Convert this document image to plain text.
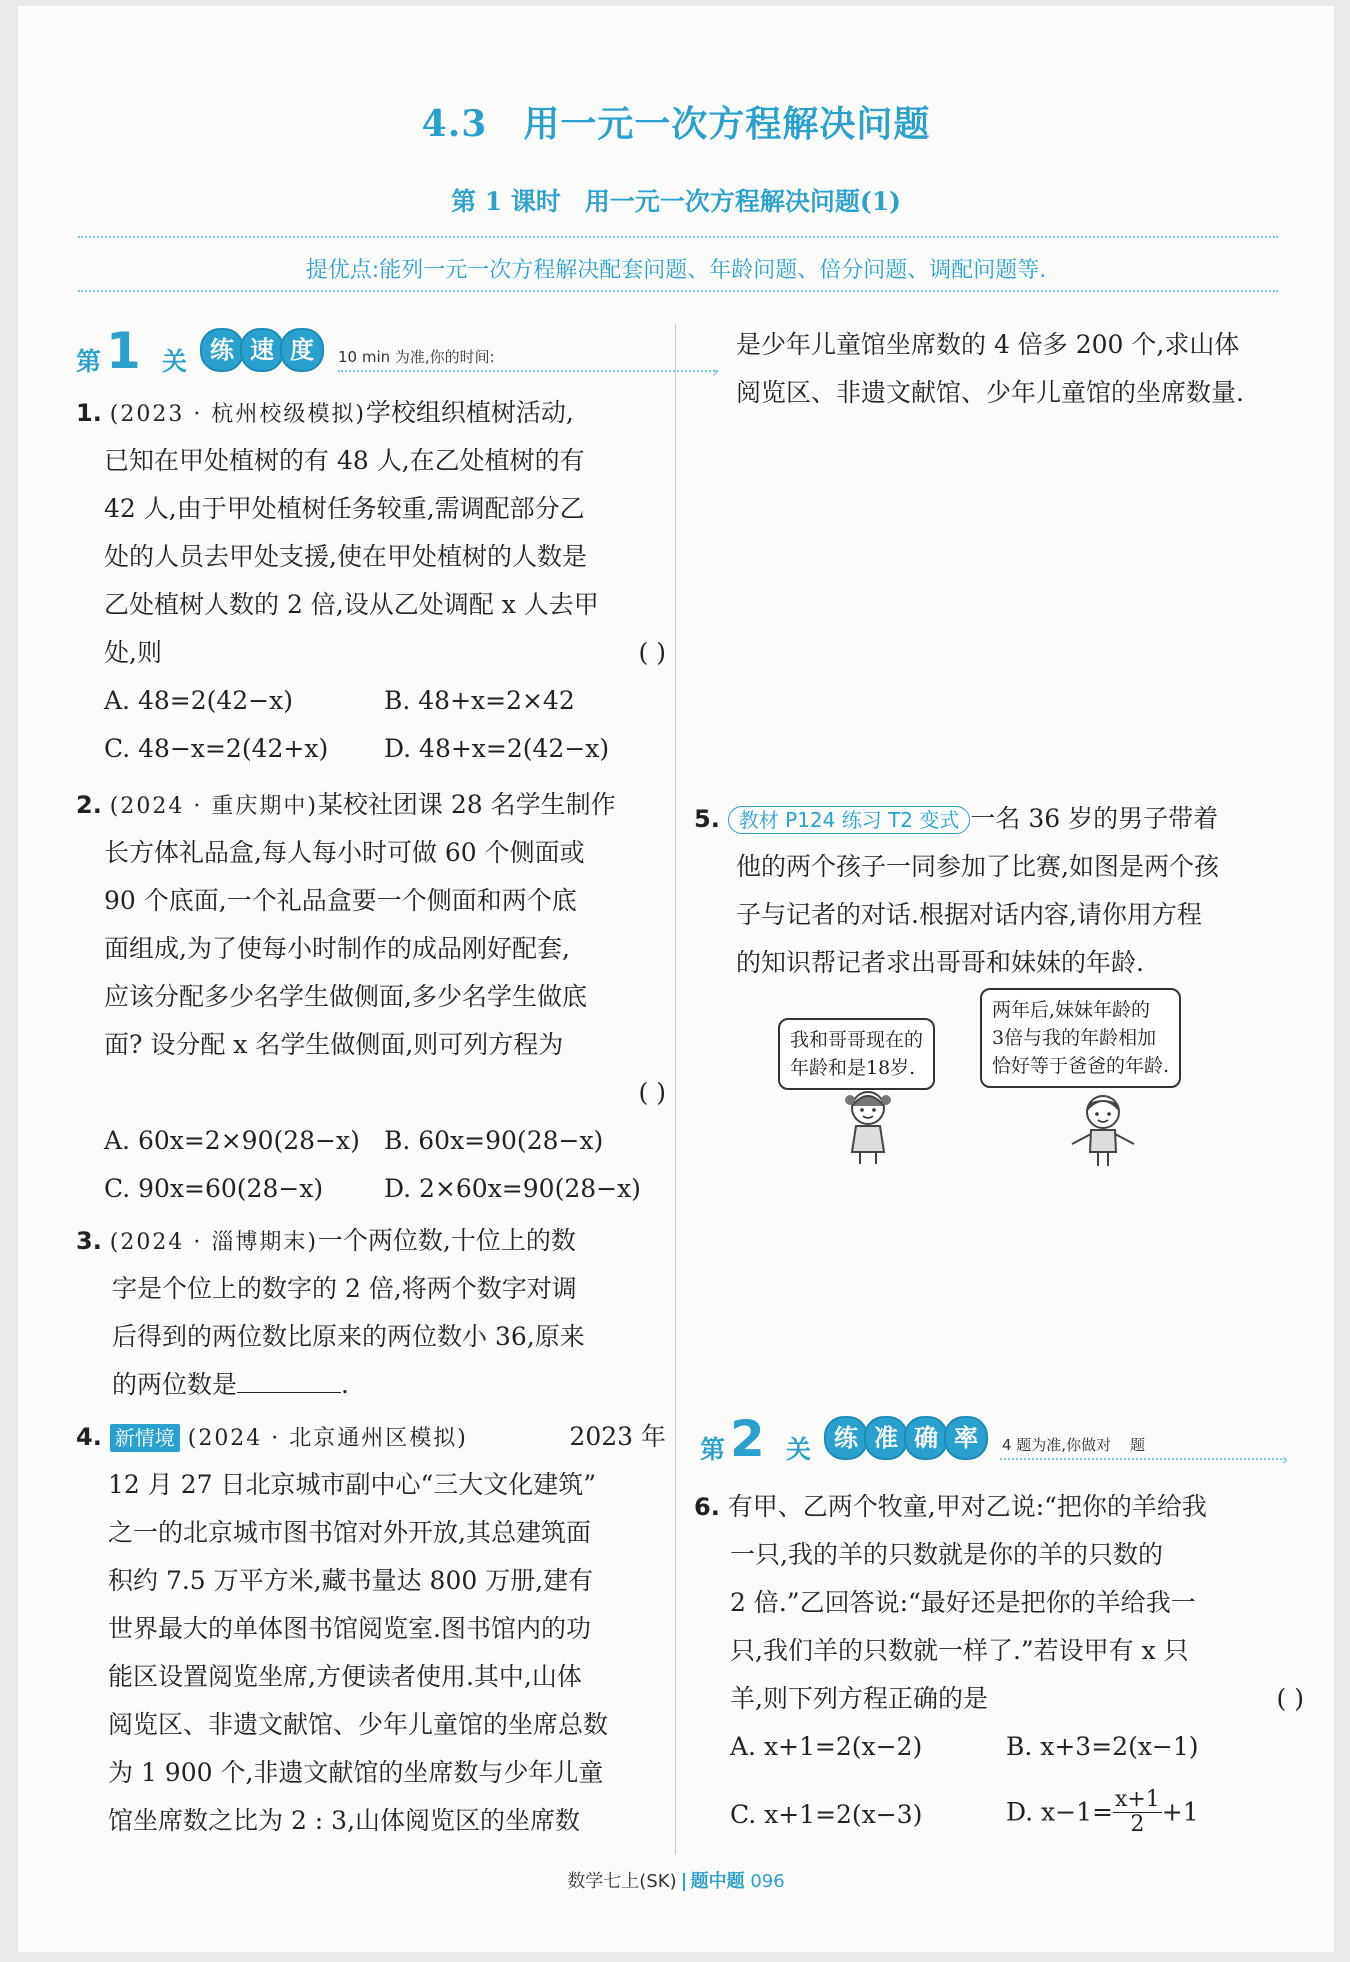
4.3 用一元一次方程解决问题
第 1 课时 用一元一次方程解决问题(1)
提优点:能列一元一次方程解决配套问题、年龄问题、倍分问题、调配问题等.
第 1 关 练 速 度	10 min 为准,你的时间:
›
1. (2023 · 杭州校级模拟)学校组织植树活动,
已知在甲处植树的有 48 人,在乙处植树的有
42 人,由于甲处植树任务较重,需调配部分乙
处的人员去甲处支援,使在甲处植树的人数是
乙处植树人数的 2 倍,设从乙处调配 x 人去甲
处,则	( )
A. 48=2(42−x)	B. 48+x=2×42
C. 48−x=2(42+x) D. 48+x=2(42−x)
2. (2024 · 重庆期中)某校社团课 28 名学生制作
长方体礼品盒,每人每小时可做 60 个侧面或
90 个底面,一个礼品盒要一个侧面和两个底
面组成,为了使每小时制作的成品刚好配套,
应该分配多少名学生做侧面,多少名学生做底
面? 设分配 x 名学生做侧面,则可列方程为
( )
A. 60x=2×90(28−x) B. 60x=90(28−x)
C. 90x=60(28−x) D. 2×60x=90(28−x)
3. (2024 · 淄博期末)一个两位数,十位上的数
字是个位上的数字的 2 倍,将两个数字对调
后得到的两位数比原来的两位数小 36,原来
的两位数是	.
4. 新情境 (2024 · 北京通州区模拟)	2023 年
12 月 27 日北京城市副中心“三大文化建筑”
之一的北京城市图书馆对外开放,其总建筑面
积约 7.5 万平方米,藏书量达 800 万册,建有
世界最大的单体图书馆阅览室.图书馆内的功
能区设置阅览坐席,方便读者使用.其中,山体
阅览区、非遗文献馆、少年儿童馆的坐席总数
为 1 900 个,非遗文献馆的坐席数与少年儿童
馆坐席数之比为 2 : 3,山体阅览区的坐席数
是少年儿童馆坐席数的 4 倍多 200 个,求山体
阅览区、非遗文献馆、少年儿童馆的坐席数量.
5. 教材 P124 练习 T2 变式 一名 36 岁的男子带着
他的两个孩子一同参加了比赛,如图是两个孩
子与记者的对话.根据对话内容,请你用方程
的知识帮记者求出哥哥和妹妹的年龄.
我和哥哥现在的
年龄和是18岁.
两年后,妹妹年龄的
3倍与我的年龄相加
恰好等于爸爸的年龄.
第 2 关 练 准 确 率	4 题为准,你做对    题
›
6. 有甲、乙两个牧童,甲对乙说:“把你的羊给我
一只,我的羊的只数就是你的羊的只数的
2 倍.”乙回答说:“最好还是把你的羊给我一
只,我们羊的只数就一样了.”若设甲有 x 只
羊,则下列方程正确的是	( )
A. x+1=2(x−2)	B. x+3=2(x−1)
C. x+1=2(x−3)	D. $x-1= \frac{x+1}{2} +1$
数学七上(SK) 题中题 096
